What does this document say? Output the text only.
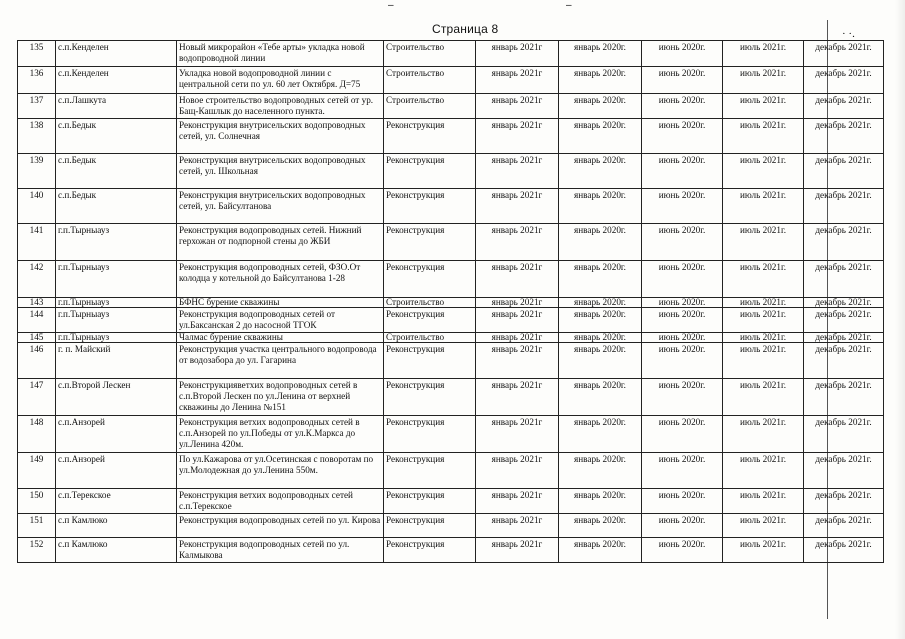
–	–
Страница 8	· ·.
135	с.п.Кенделен	Новый микрорайон «Тебе арты» укладка новой водопроводной линии	Строительство	январь 2021г	январь 2020г.	июнь 2020г.	июль 2021г.	декабрь 2021г.
136	с.п.Кенделен	Укладка новой водопроводной линии с центральной сети по ул. 60 лет Октября. Д=75	Строительство	январь 2021г	январь 2020г.	июнь 2020г.	июль 2021г.	декабрь 2021г.
137	с.п.Лашкута	Новое строительство водопроводных сетей от ур. Бащ-Кашлык до населенного пункта.	Строительство	январь 2021г	январь 2020г.	июнь 2020г.	июль 2021г.	декабрь 2021г.
138	с.п.Бедык	Реконструкция внутрисельских водопроводных сетей, ул. Солнечная	Реконструкция	январь 2021г	январь 2020г.	июнь 2020г.	июль 2021г.	декабрь 2021г.
139	с.п.Бедык	Реконструкция внутрисельских водопроводных сетей, ул. Школьная	Реконструкция	январь 2021г	январь 2020г.	июнь 2020г.	июль 2021г.	декабрь 2021г.
140	с.п.Бедык	Реконструкция внутрисельских водопроводных сетей, ул. Байсултанова	Реконструкция	январь 2021г	январь 2020г.	июнь 2020г.	июль 2021г.	декабрь 2021г.
141	г.п.Тырныауз	Реконструкция водопроводных сетей. Нижний герхожан от подпорной стены до ЖБИ	Реконструкция	январь 2021г	январь 2020г.	июнь 2020г.	июль 2021г.	декабрь 2021г.
142	г.п.Тырныауз	Реконструкция водопроводных сетей, ФЗО.От колодца у котельной до Байсултанова 1-28	Реконструкция	январь 2021г	январь 2020г.	июнь 2020г.	июль 2021г.	декабрь 2021г.
143	г.п.Тырныауз	БФНС бурение скважины	Строительство	январь 2021г	январь 2020г.	июнь 2020г.	июль 2021г.	декабрь 2021г.
144	г.п.Тырныауз	Реконструкция водопроводных сетей от ул.Баксанская 2 до насосной ТГОК	Реконструкция	январь 2021г	январь 2020г.	июнь 2020г.	июль 2021г.	декабрь 2021г.
145	г.п.Тырныауз	Чалмас бурение скважины	Строительство	январь 2021г	январь 2020г.	июнь 2020г.	июль 2021г.	декабрь 2021г.
146	г. п. Майский	Реконструкция участка центрального водопровода от водозабора до ул. Гагарина	Реконструкция	январь 2021г	январь 2020г.	июнь 2020г.	июль 2021г.	декабрь 2021г.
147	с.п.Второй Лескен	Реконструкцияветхих водопроводных сетей в с.п.Второй Лескен по ул.Ленина от верхней скважины до Ленина №151	Реконструкция	январь 2021г	январь 2020г.	июнь 2020г.	июль 2021г.	декабрь 2021г.
148	с.п.Анзорей	Реконструкция ветхих водопроводных сетей в с.п.Анзорей по ул.Победы от ул.К.Маркса до ул.Ленина 420м.	Реконструкция	январь 2021г	январь 2020г.	июнь 2020г.	июль 2021г.	декабрь 2021г.
149	с.п.Анзорей	По ул.Кажарова от ул.Осетинская с поворотам по ул.Молодежная до ул.Ленина 550м.	Реконструкция	январь 2021г	январь 2020г.	июнь 2020г.	июль 2021г.	декабрь 2021г.
150	с.п.Терекское	Реконструкция ветхих водопроводных сетей с.п.Терекское	Реконструкция	январь 2021г	январь 2020г.	июнь 2020г.	июль 2021г.	декабрь 2021г.
151	с.п Камлюко	Реконструкция водопроводных сетей по ул. Кирова	Реконструкция	январь 2021г	январь 2020г.	июнь 2020г.	июль 2021г.	декабрь 2021г.
152	с.п Камлюко	Реконструкция водопроводных сетей по ул. Калмыкова	Реконструкция	январь 2021г	январь 2020г.	июнь 2020г.	июль 2021г.	декабрь 2021г.
